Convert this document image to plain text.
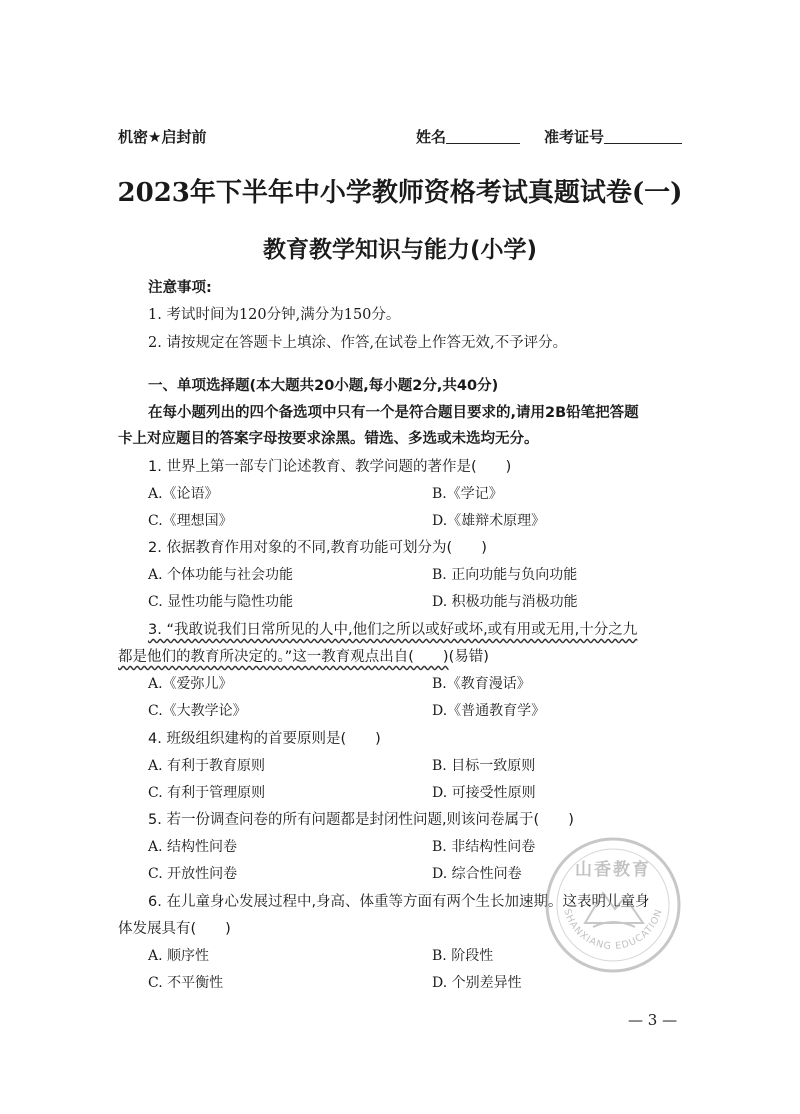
机密★启封前	姓名	准考证号
2023年下半年中小学教师资格考试真题试卷(一)
教育教学知识与能力(小学)
注意事项:
1. 考试时间为120分钟,满分为150分。
2. 请按规定在答题卡上填涂、作答,在试卷上作答无效,不予评分。
一、单项选择题(本大题共20小题,每小题2分,共40分)
在每小题列出的四个备选项中只有一个是符合题目要求的,请用2B铅笔把答题
卡上对应题目的答案字母按要求涂黑。错选、多选或未选均无分。
1. 世界上第一部专门论述教育、教学问题的著作是(　　)
A.《论语》	B.《学记》
C.《理想国》	D.《雄辩术原理》
2. 依据教育作用对象的不同,教育功能可划分为(　　)
A. 个体功能与社会功能	B. 正向功能与负向功能
C. 显性功能与隐性功能	D. 积极功能与消极功能
3. “我敢说我们日常所见的人中,他们之所以或好或坏,或有用或无用,十分之九
都是他们的教育所决定的。”这一教育观点出自(　　)(易错)
A.《爱弥儿》	B.《教育漫话》
C.《大教学论》	D.《普通教育学》
4. 班级组织建构的首要原则是(　　)
A. 有利于教育原则	B. 目标一致原则
C. 有利于管理原则	D. 可接受性原则
5. 若一份调查问卷的所有问题都是封闭性问题,则该问卷属于(　　)
A. 结构性问卷	B. 非结构性问卷
C. 开放性问卷	D. 综合性问卷
6. 在儿童身心发展过程中,身高、体重等方面有两个生长加速期。这表明儿童身
体发展具有(　　)
A. 顺序性	B. 阶段性
C. 不平衡性	D. 个别差异性
山香教育
SHANXIANG EDUCATION
— 3 —
